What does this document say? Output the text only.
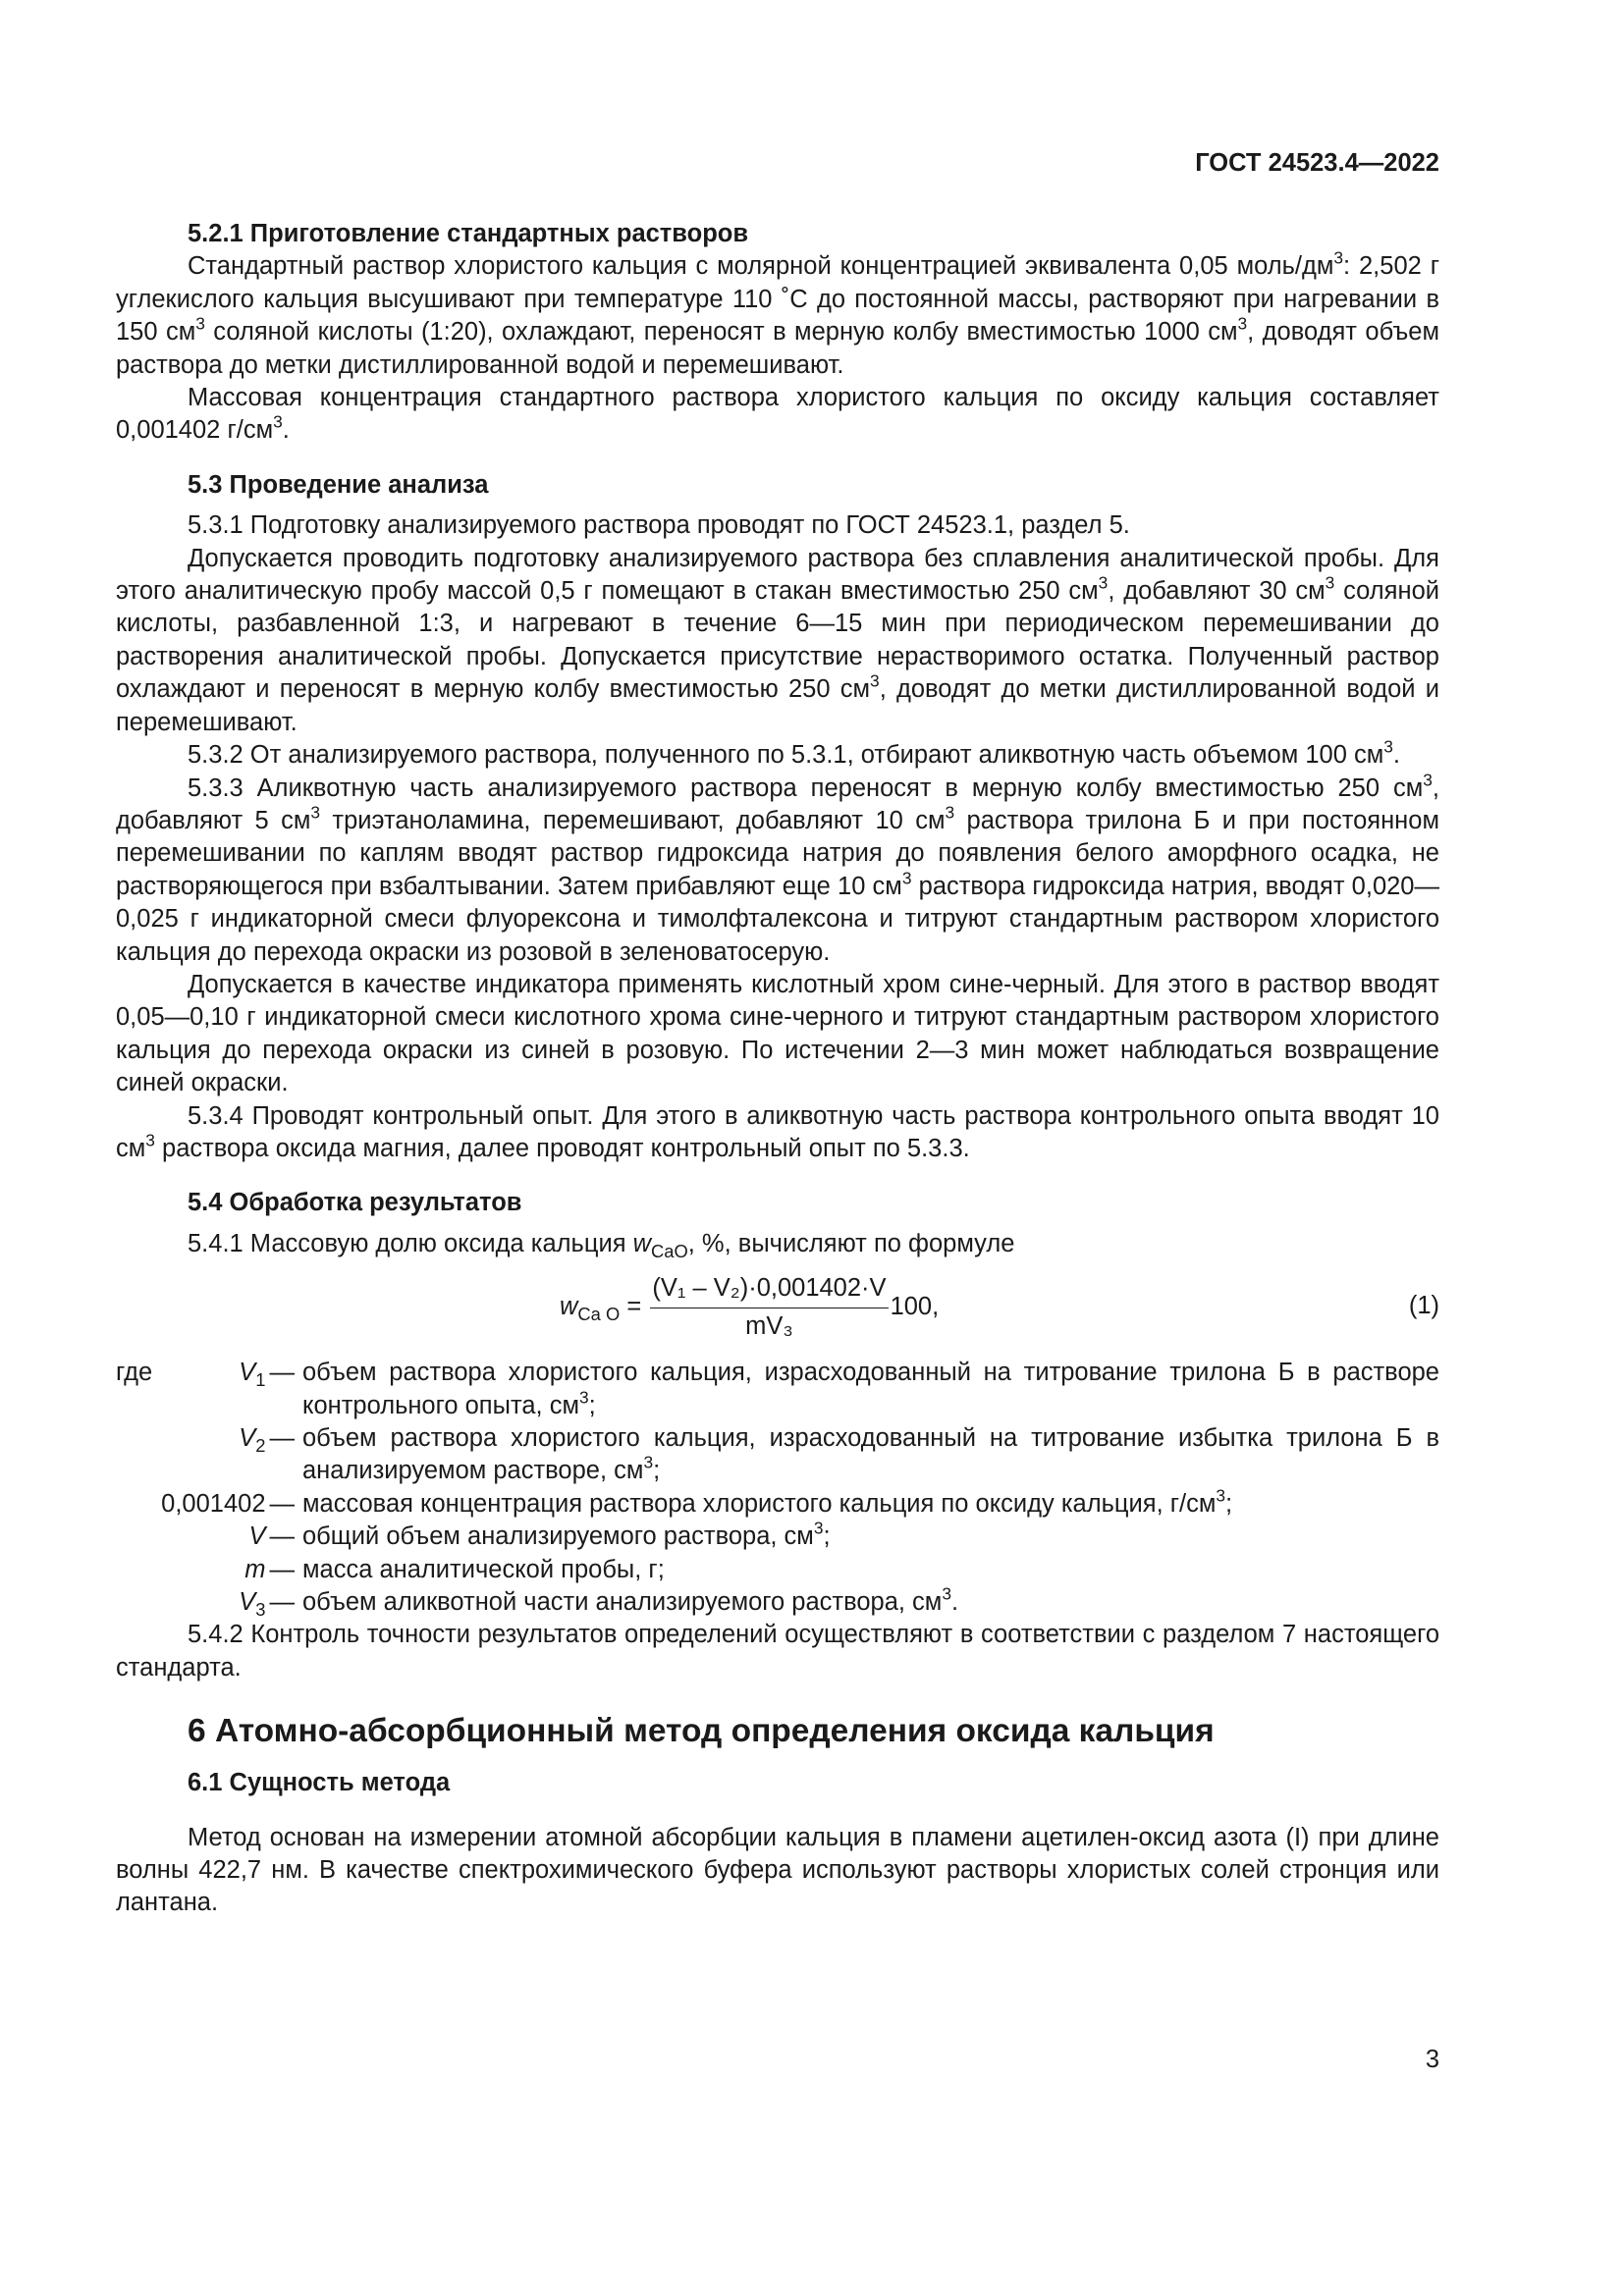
ГОСТ 24523.4—2022
5.2.1 Приготовление стандартных растворов

Стандартный раствор хлористого кальция с молярной концентрацией эквивалента 0,05 моль/$дм^3$: 2,502 г углекислого кальция высушивают при температуре 110 ˚С до постоянной массы, растворяют при нагревании в 150 $см^3$ соляной кислоты (1:20), охлаждают, переносят в мерную колбу вместимостью 1000 $см^3$, доводят объем раствора до метки дистиллированной водой и перемешивают.

Массовая концентрация стандартного раствора хлористого кальция по оксиду кальция составляет 0,001402 $г/см^3$.

5.3 Проведение анализа

5.3.1 Подготовку анализируемого раствора проводят по ГОСТ 24523.1, раздел 5.

Допускается проводить подготовку анализируемого раствора без сплавления аналитической пробы. Для этого аналитическую пробу массой 0,5 г помещают в стакан вместимостью 250 $см^3$, добавляют 30 $см^3$ соляной кислоты, разбавленной 1:3, и нагревают в течение 6—15 мин при периодическом перемешивании до растворения аналитической пробы. Допускается присутствие нерастворимого остатка. Полученный раствор охлаждают и переносят в мерную колбу вместимостью 250 $см^3$, доводят до метки дистиллированной водой и перемешивают.

5.3.2 От анализируемого раствора, полученного по 5.3.1, отбирают аликвотную часть объемом 100 $см^3$.

5.3.3 Аликвотную часть анализируемого раствора переносят в мерную колбу вместимостью 250 $см^3$, добавляют 5 $см^3$ триэтаноламина, перемешивают, добавляют 10 $см^3$ раствора трилона Б и при постоянном перемешивании по каплям вводят раствор гидроксида натрия до появления белого аморфного осадка, не растворяющегося при взбалтывании. Затем прибавляют еще 10 $см^3$ раствора гидроксида натрия, вводят 0,020—0,025 г индикаторной смеси флуорексона и тимолфталексона и титруют стандартным раствором хлористого кальция до перехода окраски из розовой в зеленоватосерую.

Допускается в качестве индикатора применять кислотный хром сине-черный. Для этого в раствор вводят 0,05—0,10 г индикаторной смеси кислотного хрома сине-черного и титруют стандартным раствором хлористого кальция до перехода окраски из синей в розовую. По истечении 2—3 мин может наблюдаться возвращение синей окраски.

5.3.4 Проводят контрольный опыт. Для этого в аликвотную часть раствора контрольного опыта вводят 10 $см^3$ раствора оксида магния, далее проводят контрольный опыт по 5.3.3.

5.4 Обработка результатов

5.4.1 Массовую долю оксида кальция $w_{CaO}$, %, вычисляют по формуле

$w_{Ca O} = \frac{\text{(V₁ – V₂)·0,001402·V}}{\text{mV₃}} 100$,	(1)
где	$V_1$ — объем раствора хлористого кальция, израсходованный на титрование трилона Б в растворе контрольного опыта, $см^3$;
$V_2$ — объем раствора хлористого кальция, израсходованный на титрование избытка трилона Б в анализируемом растворе, $см^3$;
0,001402 — массовая концентрация раствора хлористого кальция по оксиду кальция, $г/см^3$;
V — общий объем анализируемого раствора, $см^3$;
m — масса аналитической пробы, г;
$V_3$ — объем аликвотной части анализируемого раствора, $см^3$.

5.4.2 Контроль точности результатов определений осуществляют в соответствии с разделом 7 настоящего стандарта.

6 Атомно-абсорбционный метод определения оксида кальция
6.1 Сущность метода

Метод основан на измерении атомной абсорбции кальция в пламени ацетилен-оксид азота (I) при длине волны 422,7 нм. В качестве спектрохимического буфера используют растворы хлористых солей стронция или лантана.

3
